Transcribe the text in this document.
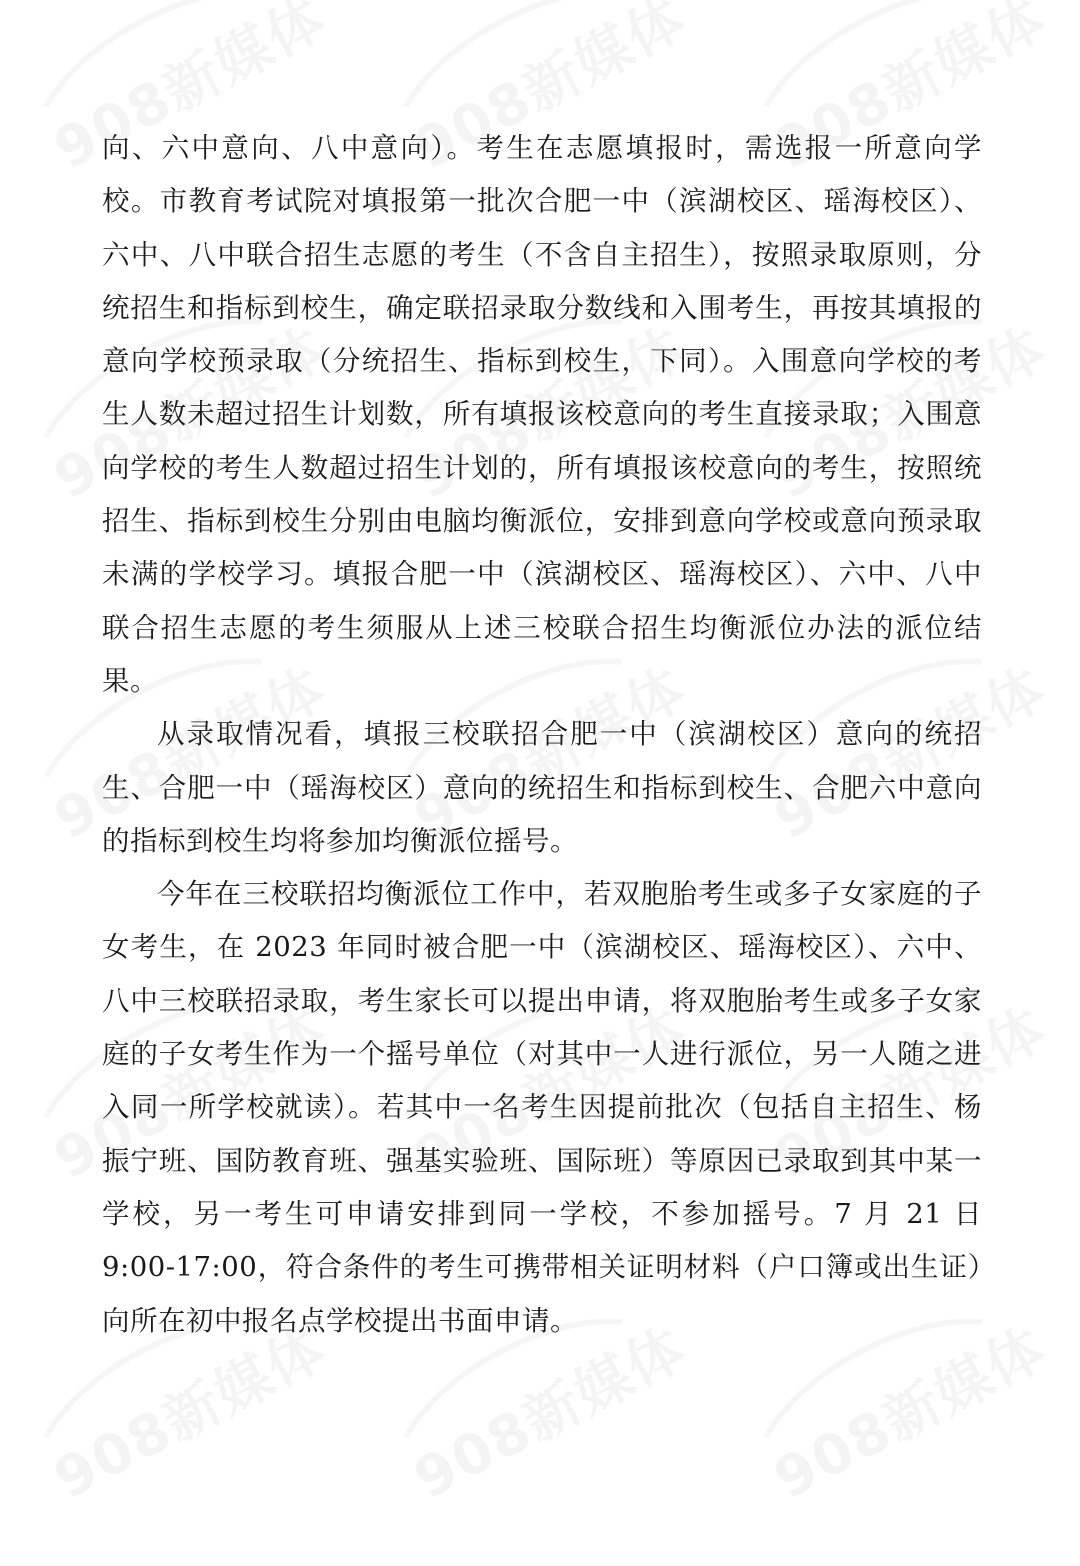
向、六中意向、八中意向）。考生在志愿填报时，需选报一所意向学校。市教育考试院对填报第一批次合肥一中（滨湖校区、瑶海校区）、六中、八中联合招生志愿的考生（不含自主招生），按照录取原则，分统招生和指标到校生，确定联招录取分数线和入围考生，再按其填报的意向学校预录取（分统招生、指标到校生，下同）。入围意向学校的考生人数未超过招生计划数，所有填报该校意向的考生直接录取；入围意向学校的考生人数超过招生计划的，所有填报该校意向的考生，按照统招生、指标到校生分别由电脑均衡派位，安排到意向学校或意向预录取未满的学校学习。填报合肥一中（滨湖校区、瑶海校区）、六中、八中联合招生志愿的考生须服从上述三校联合招生均衡派位办法的派位结果。

从录取情况看，填报三校联招合肥一中（滨湖校区）意向的统招生、合肥一中（瑶海校区）意向的统招生和指标到校生、合肥六中意向的指标到校生均将参加均衡派位摇号。

今年在三校联招均衡派位工作中，若双胞胎考生或多子女家庭的子女考生，在 2023 年同时被合肥一中（滨湖校区、瑶海校区）、六中、八中三校联招录取，考生家长可以提出申请，将双胞胎考生或多子女家庭的子女考生作为一个摇号单位（对其中一人进行派位，另一人随之进入同一所学校就读）。若其中一名考生因提前批次（包括自主招生、杨振宁班、国防教育班、强基实验班、国际班）等原因已录取到其中某一学校，另一考生可申请安排到同一学校，不参加摇号。7 月 21 日 9:00-17:00，符合条件的考生可携带相关证明材料（户口簿或出生证）向所在初中报名点学校提出书面申请。
